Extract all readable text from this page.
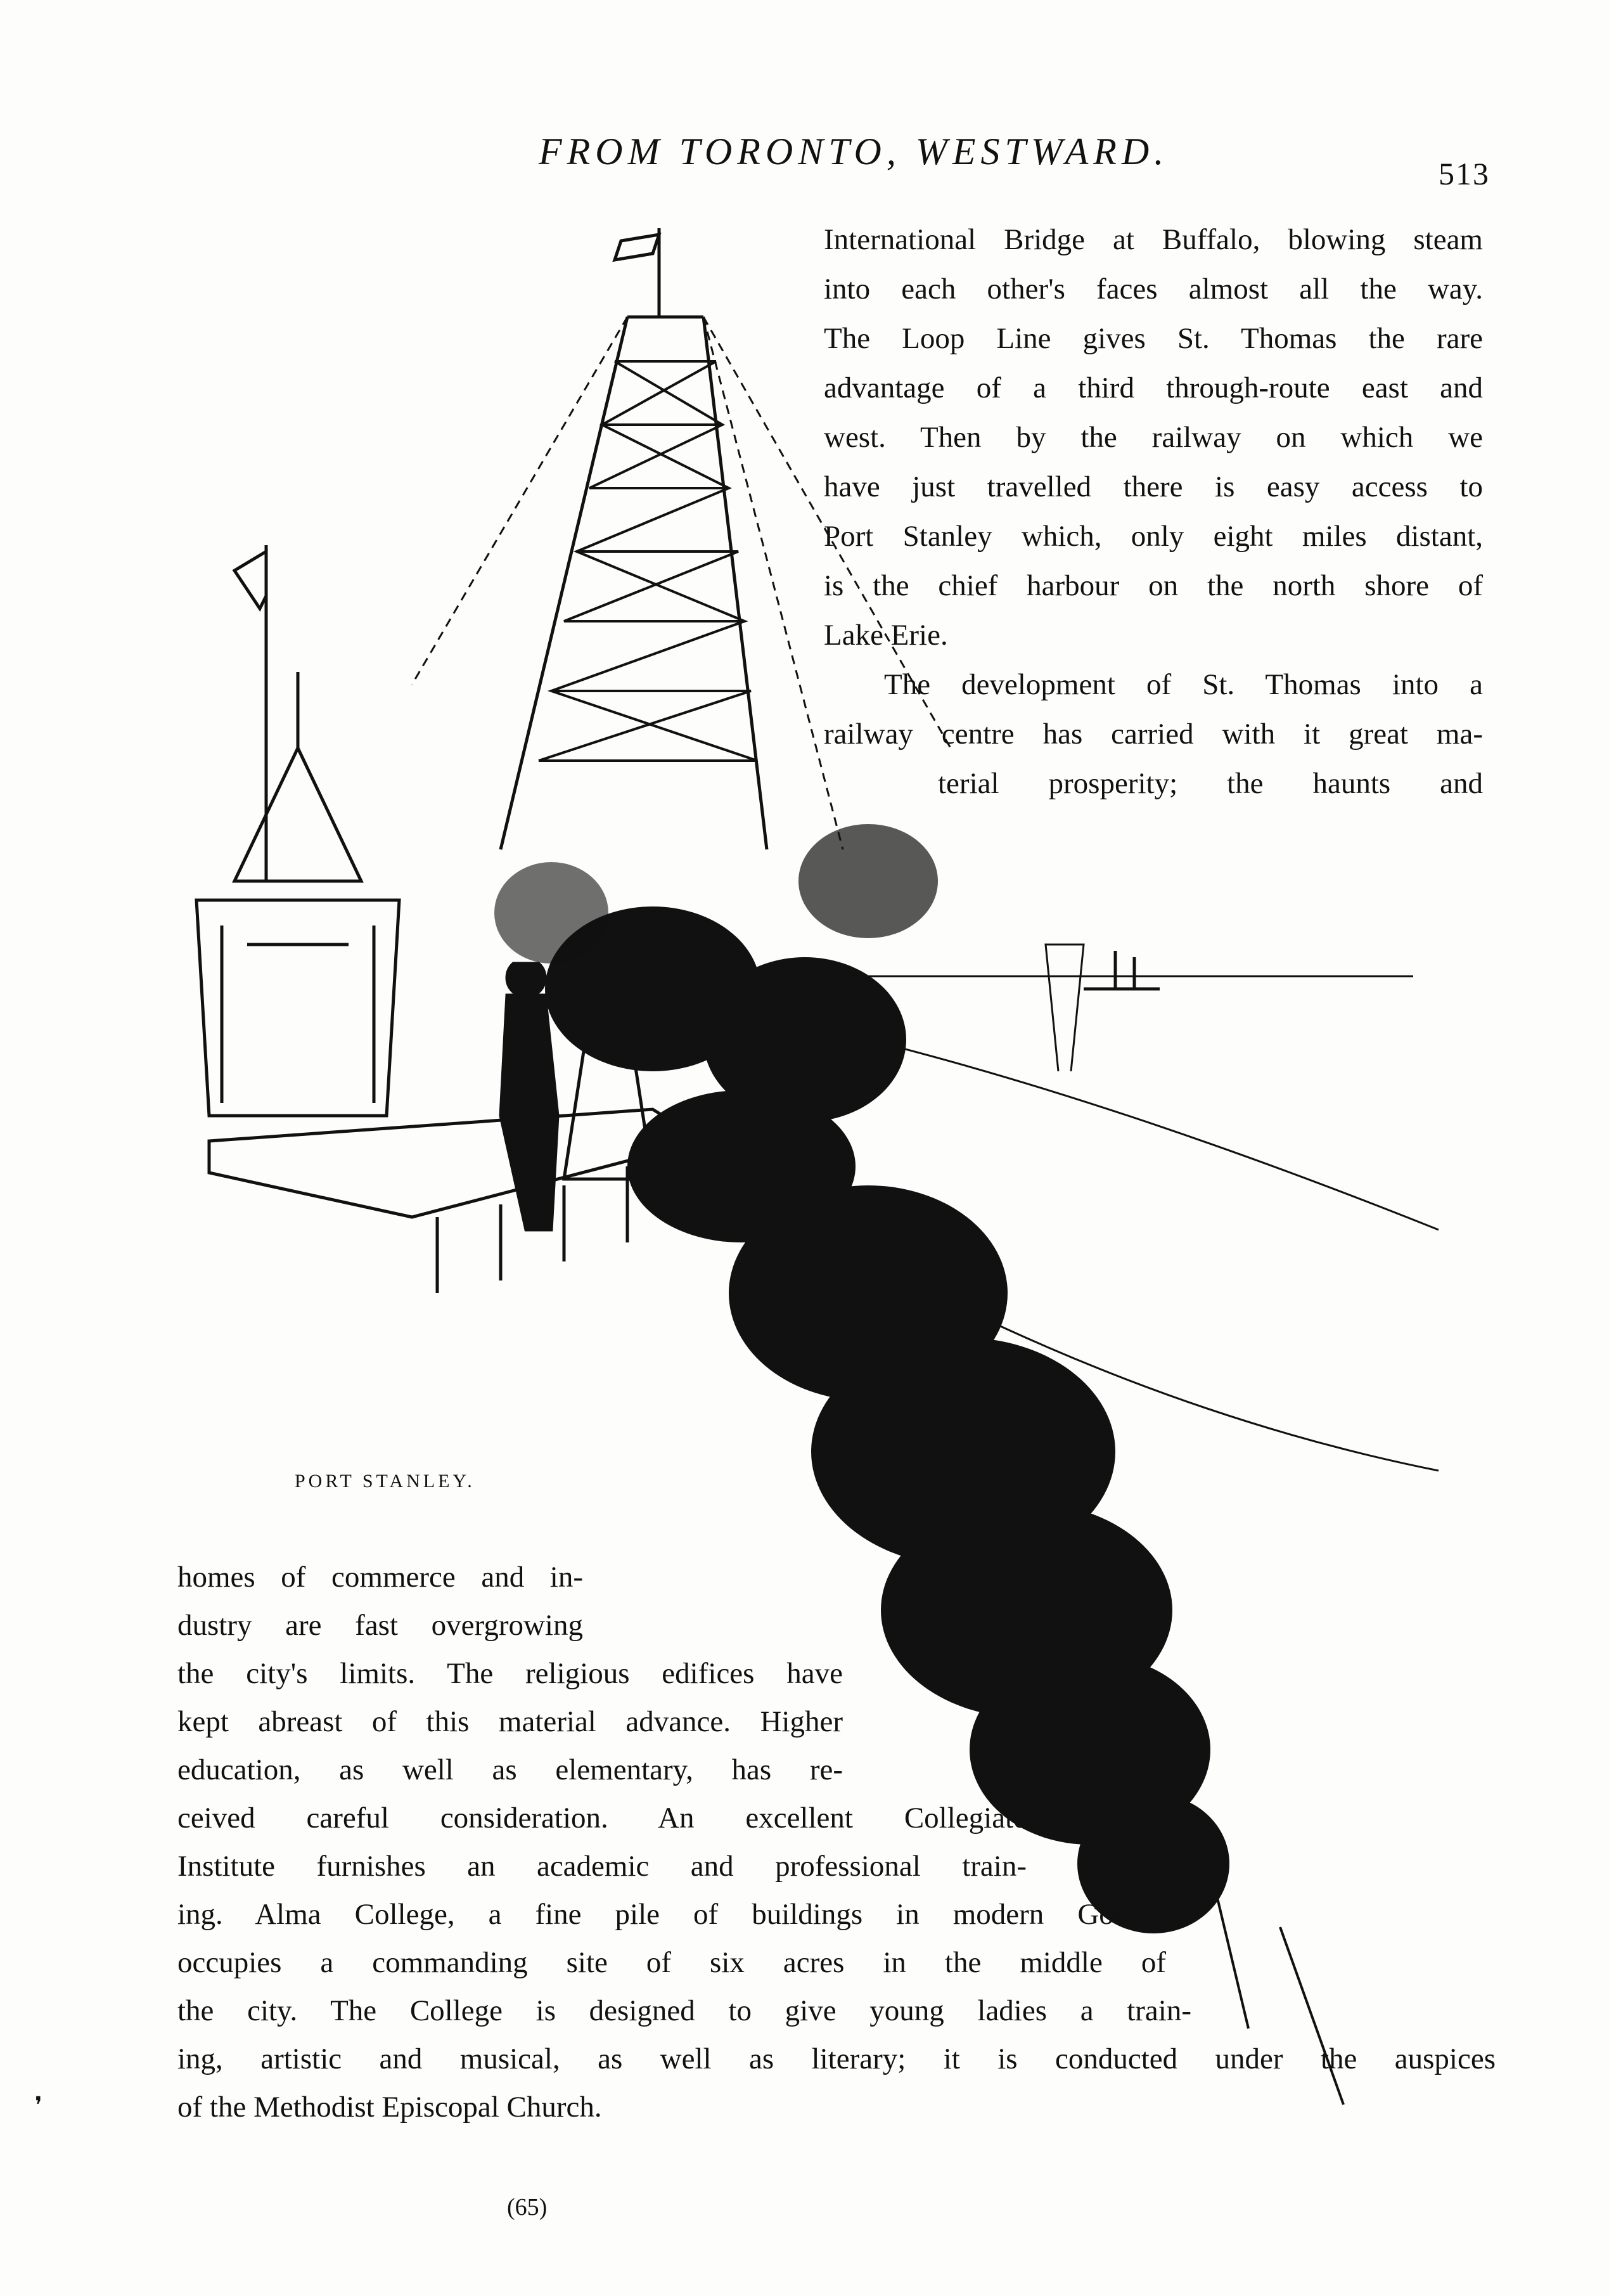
FROM TORONTO, WESTWARD.
513
International Bridge at Buffalo, blowing steam
into each other's faces almost all the way.
The Loop Line gives St. Thomas the rare
advantage of a third through-route east and
west. Then by the railway on which we
have just travelled there is easy access to
Port Stanley which, only eight miles distant,
is the chief harbour on the north shore of
Lake Erie.
The development of St. Thomas into a
railway centre has carried with it great ma-
terial prosperity; the haunts and
PORT STANLEY.
homes of commerce and in-
dustry are fast overgrowing
the city's limits. The religious edifices have
kept abreast of this material advance. Higher
education, as well as elementary, has re-
ceived careful consideration. An excellent Collegiate
Institute furnishes an academic and professional train-
ing. Alma College, a fine pile of buildings in modern Gothic,
occupies a commanding site of six acres in the middle of
the city. The College is designed to give young ladies a train-
ing, artistic and musical, as well as literary; it is conducted under the auspices
of the Methodist Episcopal Church.
(65)
❜
